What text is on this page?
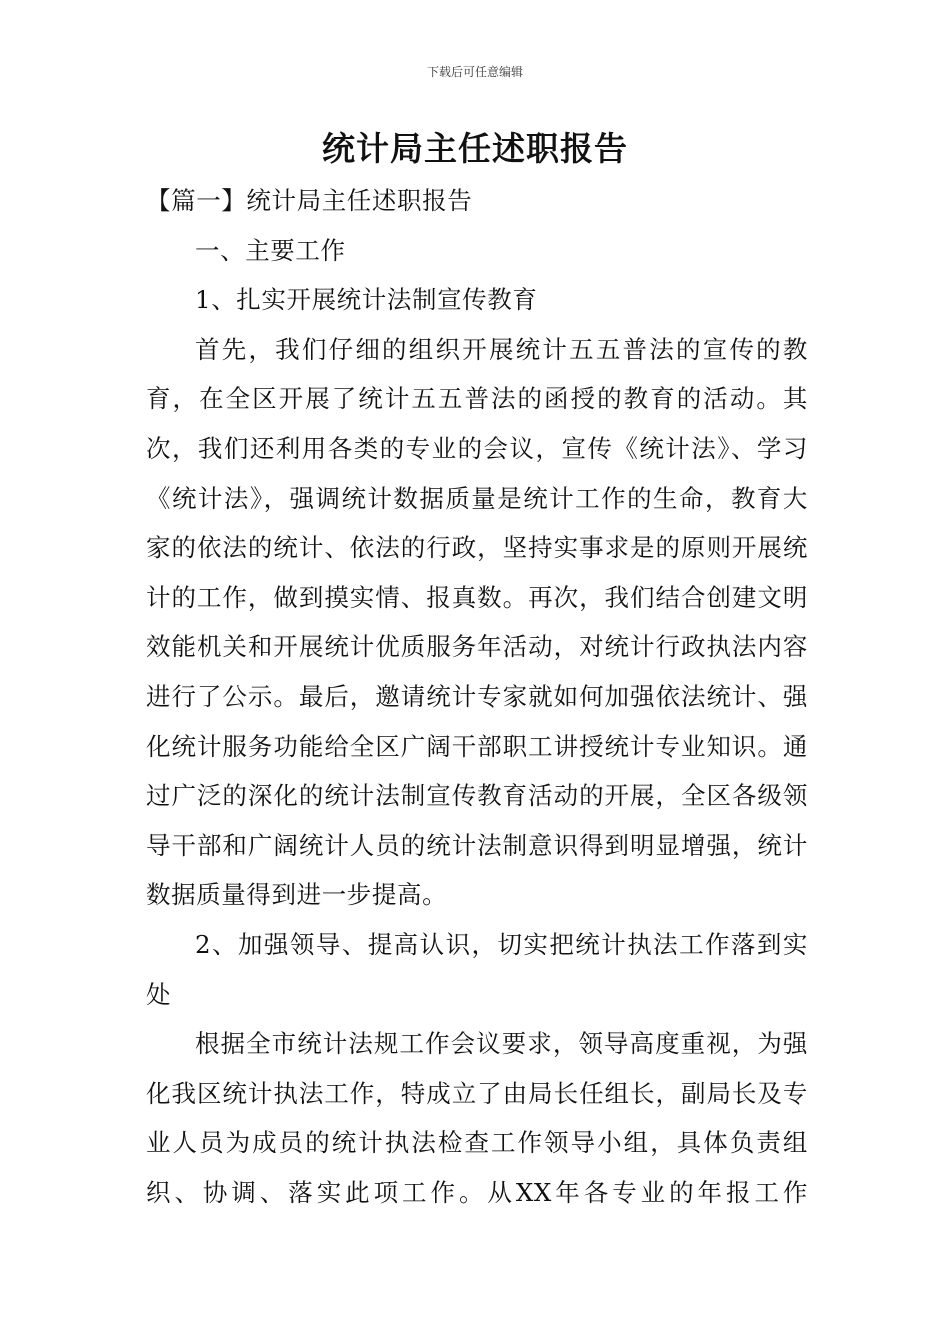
下载后可任意编辑
统计局主任述职报告

【篇一】统计局主任述职报告

一、主要工作

1、扎实开展统计法制宣传教育

首先，我们仔细的组织开展统计五五普法的宣传的教育，在全区开展了统计五五普法的函授的教育的活动。其次，我们还利用各类的专业的会议，宣传《统计法》、学习《统计法》，强调统计数据质量是统计工作的生命，教育大家的依法的统计、依法的行政，坚持实事求是的原则开展统计的工作，做到摸实情、报真数。再次，我们结合创建文明效能机关和开展统计优质服务年活动，对统计行政执法内容进行了公示。最后，邀请统计专家就如何加强依法统计、强化统计服务功能给全区广阔干部职工讲授统计专业知识。通过广泛的深化的统计法制宣传教育活动的开展，全区各级领导干部和广阔统计人员的统计法制意识得到明显增强，统计数据质量得到进一步提高。

2、加强领导、提高认识，切实把统计执法工作落到实处

根据全市统计法规工作会议要求，领导高度重视，为强化我区统计执法工作，特成立了由局长任组长，副局长及专业人员为成员的统计执法检查工作领导小组，具体负责组织、协调、落实此项工作。从XX年各专业的年报工作
